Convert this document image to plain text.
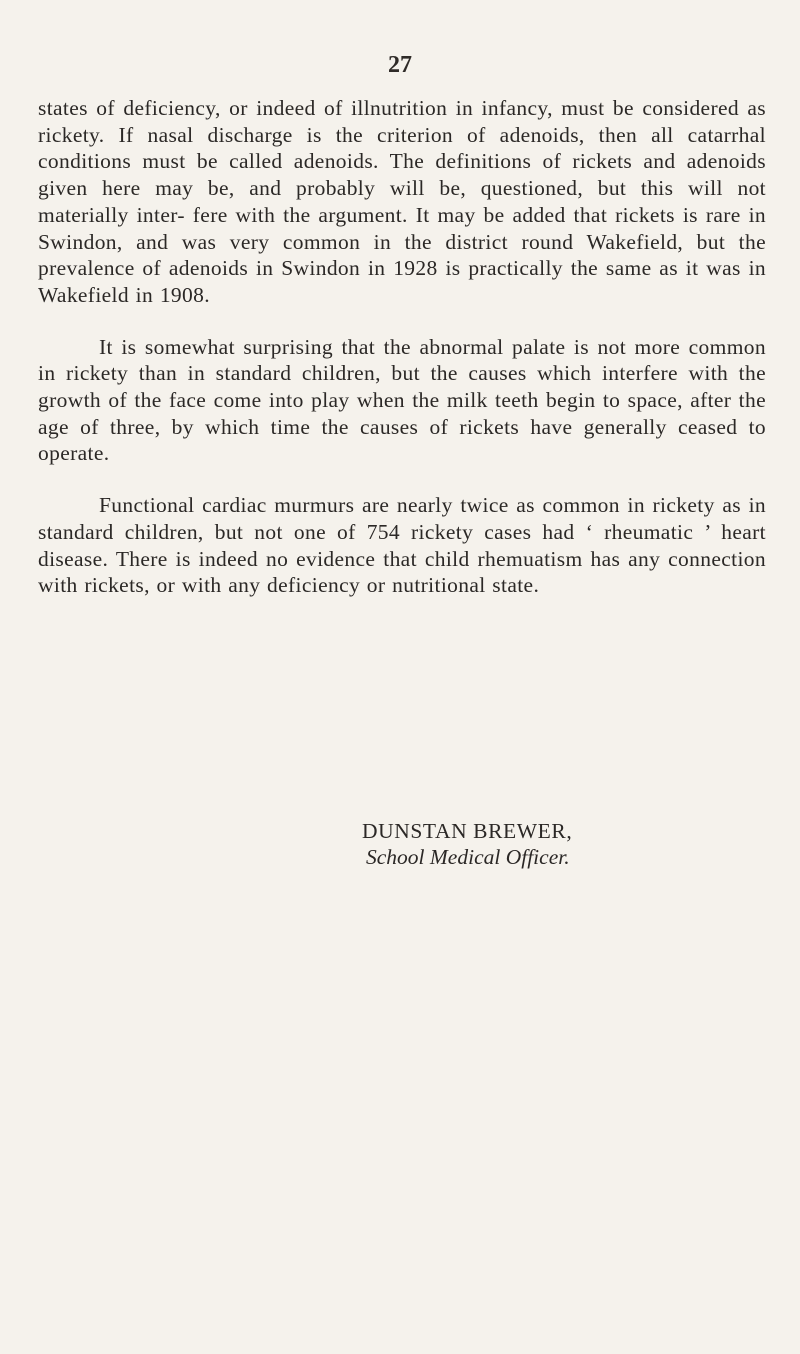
27

states of deficiency, or indeed of illnutrition in infancy, must be considered as rickety. If nasal discharge is the criterion of adenoids, then all catarrhal conditions must be called adenoids. The definitions of rickets and adenoids given here may be, and probably will be, questioned, but this will not materially inter- fere with the argument. It may be added that rickets is rare in Swindon, and was very common in the district round Wakefield, but the prevalence of adenoids in Swindon in 1928 is practically the same as it was in Wakefield in 1908.

It is somewhat surprising that the abnormal palate is not more common in rickety than in standard children, but the causes which interfere with the growth of the face come into play when the milk teeth begin to space, after the age of three, by which time the causes of rickets have generally ceased to operate.

Functional cardiac murmurs are nearly twice as common in rickety as in standard children, but not one of 754 rickety cases had ‘ rheumatic ’ heart disease. There is indeed no evidence that child rhemuatism has any connection with rickets, or with any deficiency or nutritional state.

DUNSTAN BREWER,
School Medical Officer.
